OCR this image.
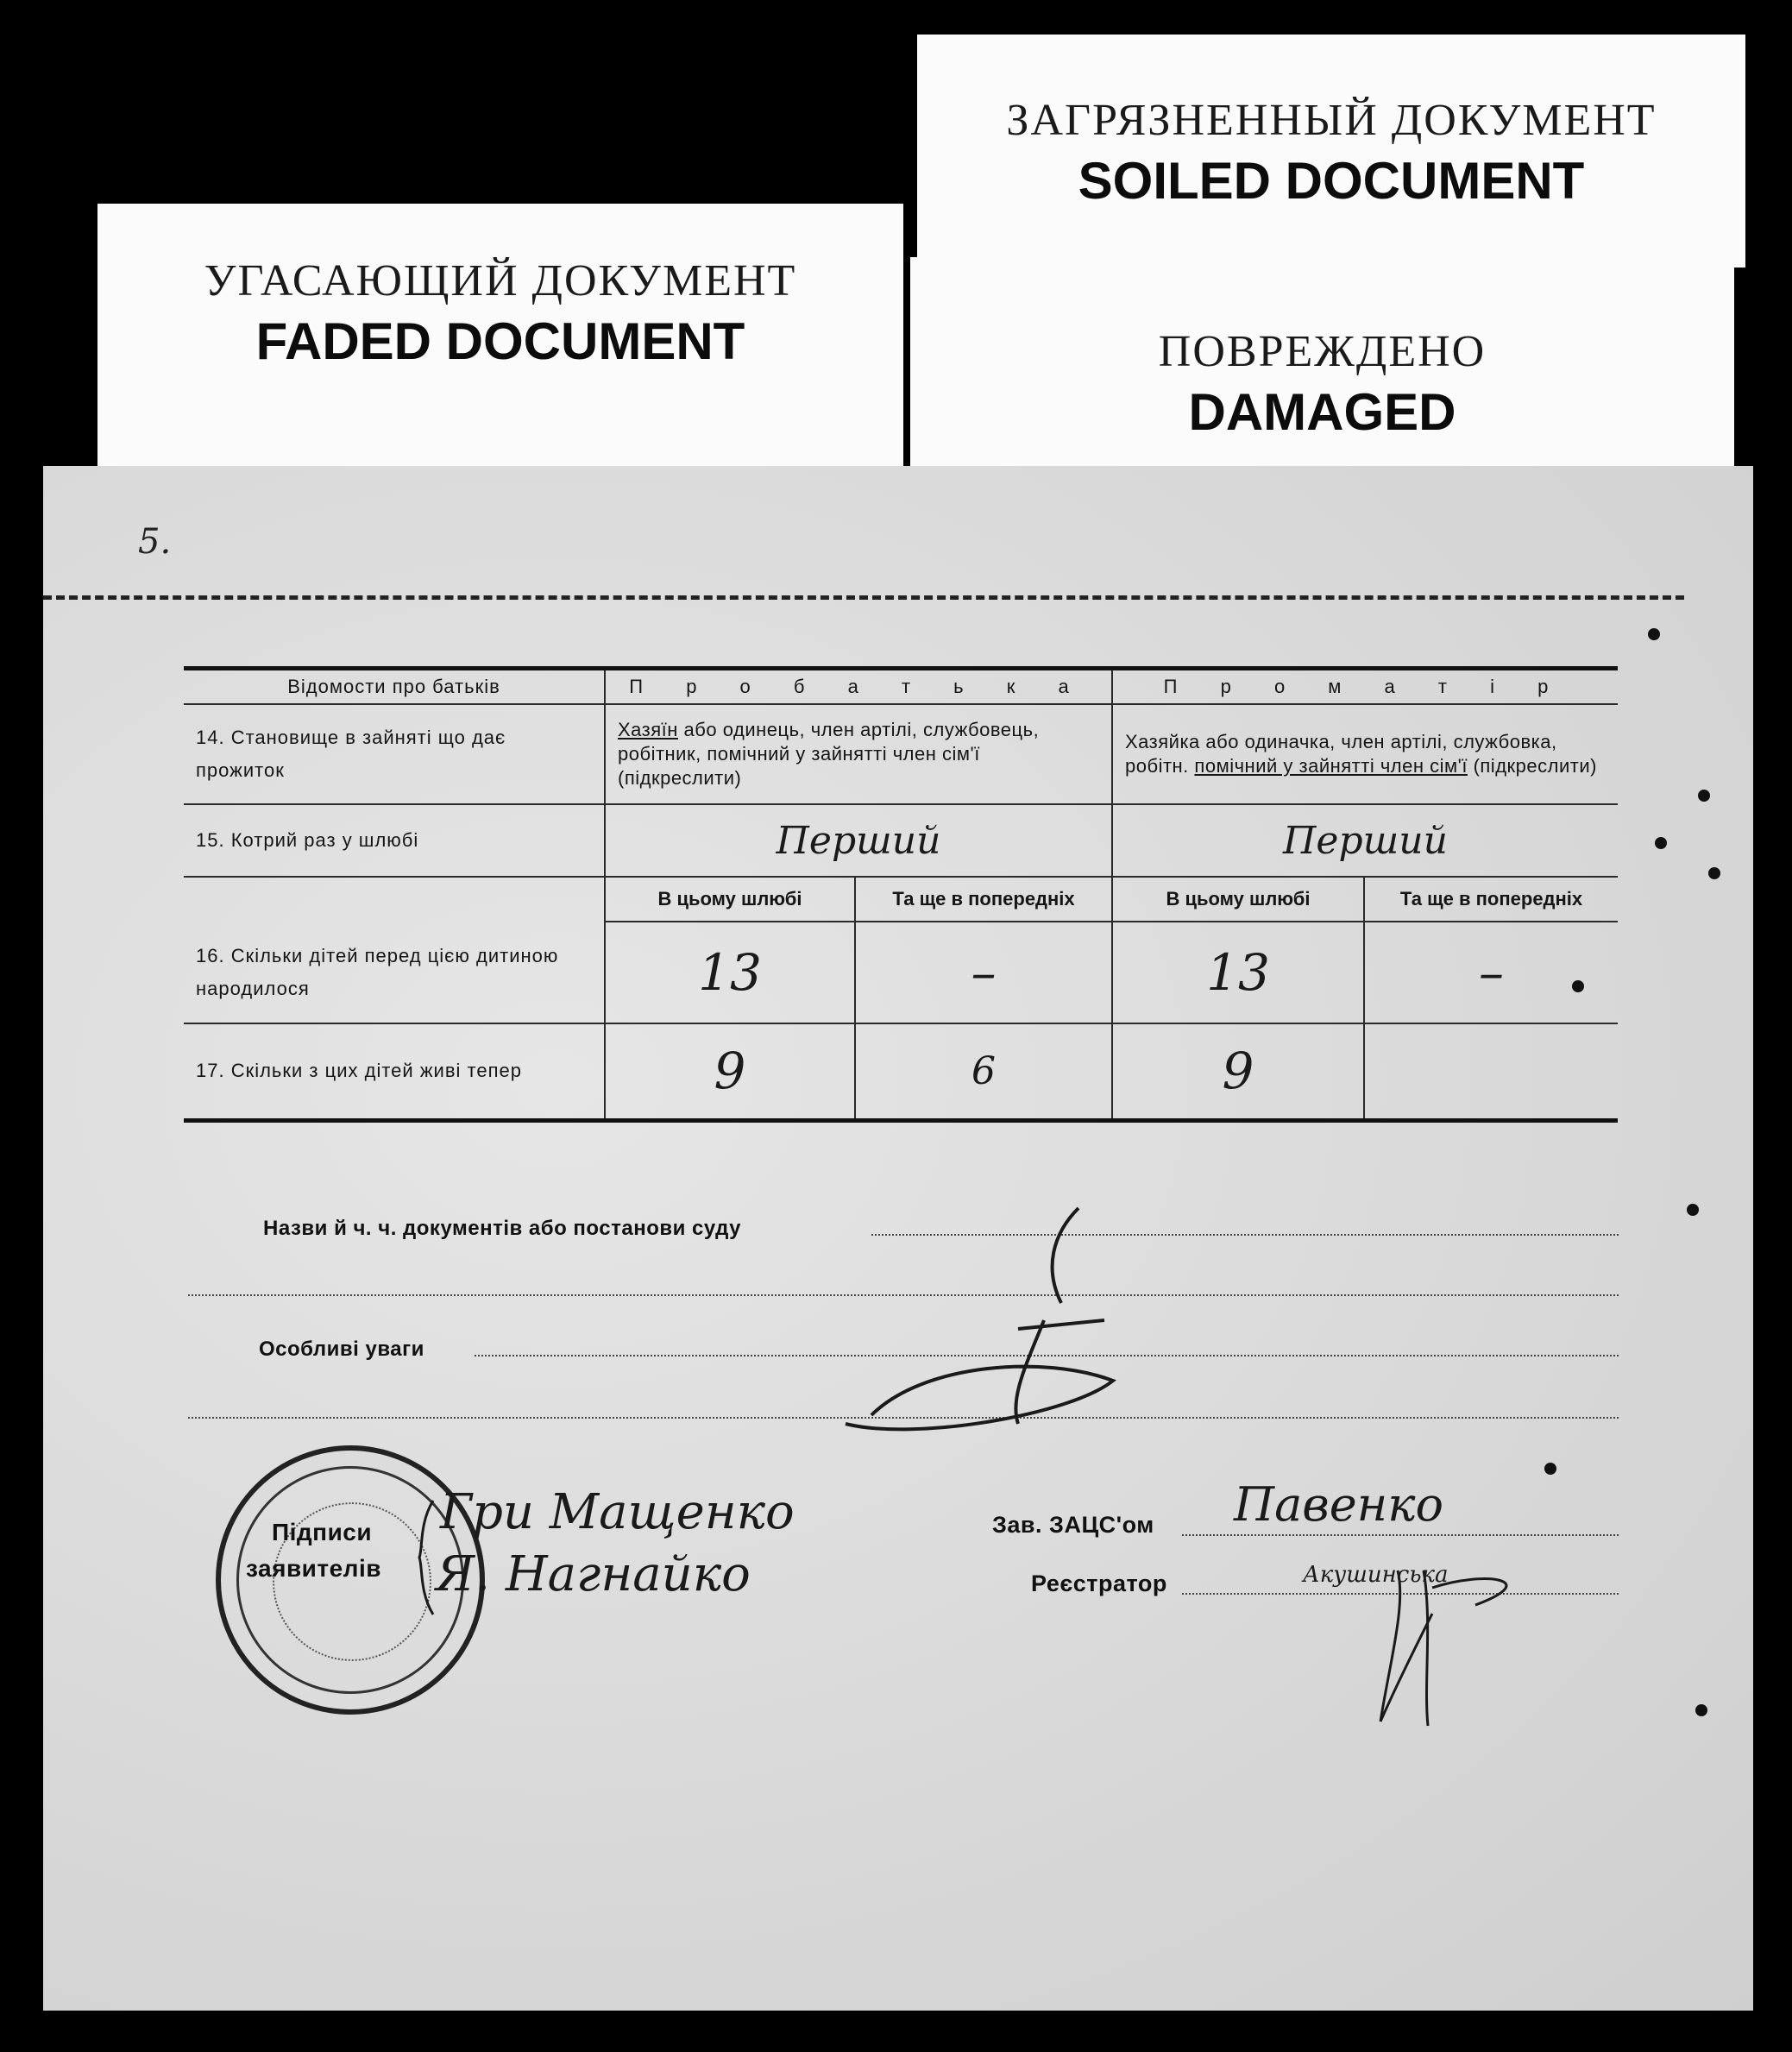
УГАСАЮЩИЙ ДОКУМЕНТ
FADED DOCUMENT
ЗАГРЯЗНЕННЫЙ ДОКУМЕНТ
SOILED DOCUMENT
ПОВРЕЖДЕНО
DAMAGED
5.
Відомости про батьків	П р о б а т ь к а		П р о м а т і р	
14. Становище в зайняті що дає прожиток	Хазяїн або одинець, член артілі, службовець, робітник, помічний у зайнятті член сім'ї (підкреслити)		Хазяйка або одиначка, член артілі, службовка, робітн. помічний у зайнятті член сім'ї (підкреслити)	
15. Котрий раз у шлюбі	Перший		Перший	
16. Скільки дітей перед цією дитиною народилося	В цьому шлюбі	Та ще в попередніх	В цьому шлюбі	Та ще в попередніх
	13	–	13	–
17. Скільки з цих дітей живі тепер	9	6	9	
Назви й ч. ч. документів або постанови суду
Особливі уваги
Підписи
заявителів
Гри Мащенко
Я. Нагнайко
Зав. ЗАЦС'ом Павенко
Реєстратор	Акушинська
